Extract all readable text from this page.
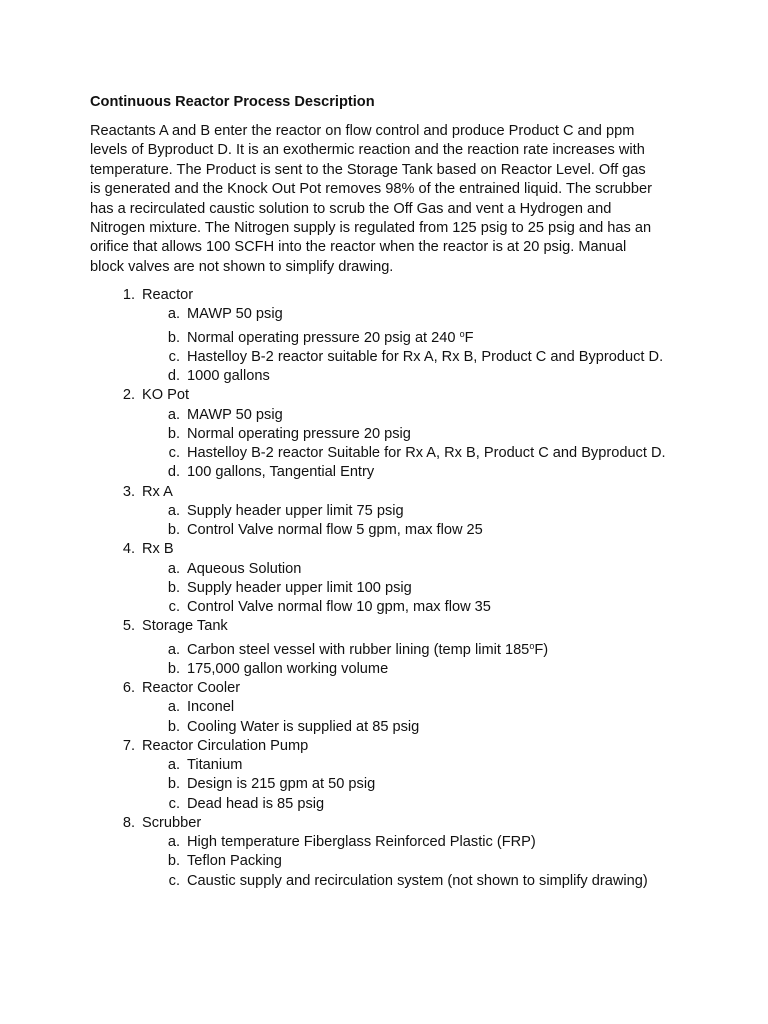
Continuous Reactor Process Description
Reactants A and B enter the reactor on flow control and produce Product C and ppm
levels of Byproduct D. It is an exothermic reaction and the reaction rate increases with
temperature. The Product is sent to the Storage Tank based on Reactor Level. Off gas
is generated and the Knock Out Pot removes 98% of the entrained liquid. The scrubber
has a recirculated caustic solution to scrub the Off Gas and vent a Hydrogen and
Nitrogen mixture. The Nitrogen supply is regulated from 125 psig to 25 psig and has an
orifice that allows 100 SCFH into the reactor when the reactor is at 20 psig. Manual
block valves are not shown to simplify drawing.
1. Reactor
a. MAWP 50 psig
b. Normal operating pressure 20 psig at 240 $^o$F
c. Hastelloy B-2 reactor suitable for Rx A, Rx B, Product C and Byproduct D.
d. 1000 gallons
2. KO Pot
a. MAWP 50 psig
b. Normal operating pressure 20 psig
c. Hastelloy B-2 reactor Suitable for Rx A, Rx B, Product C and Byproduct D.
d. 100 gallons, Tangential Entry
3. Rx A
a. Supply header upper limit 75 psig
b. Control Valve normal flow 5 gpm, max flow 25
4. Rx B
a. Aqueous Solution
b. Supply header upper limit 100 psig
c. Control Valve normal flow 10 gpm, max flow 35
5. Storage Tank
a. Carbon steel vessel with rubber lining (temp limit 185$^o$F)
b. 175,000 gallon working volume
6. Reactor Cooler
a. Inconel
b. Cooling Water is supplied at 85 psig
7. Reactor Circulation Pump
a. Titanium
b. Design is 215 gpm at 50 psig
c. Dead head is 85 psig
8. Scrubber
a. High temperature Fiberglass Reinforced Plastic (FRP)
b. Teflon Packing
c. Caustic supply and recirculation system (not shown to simplify drawing)
